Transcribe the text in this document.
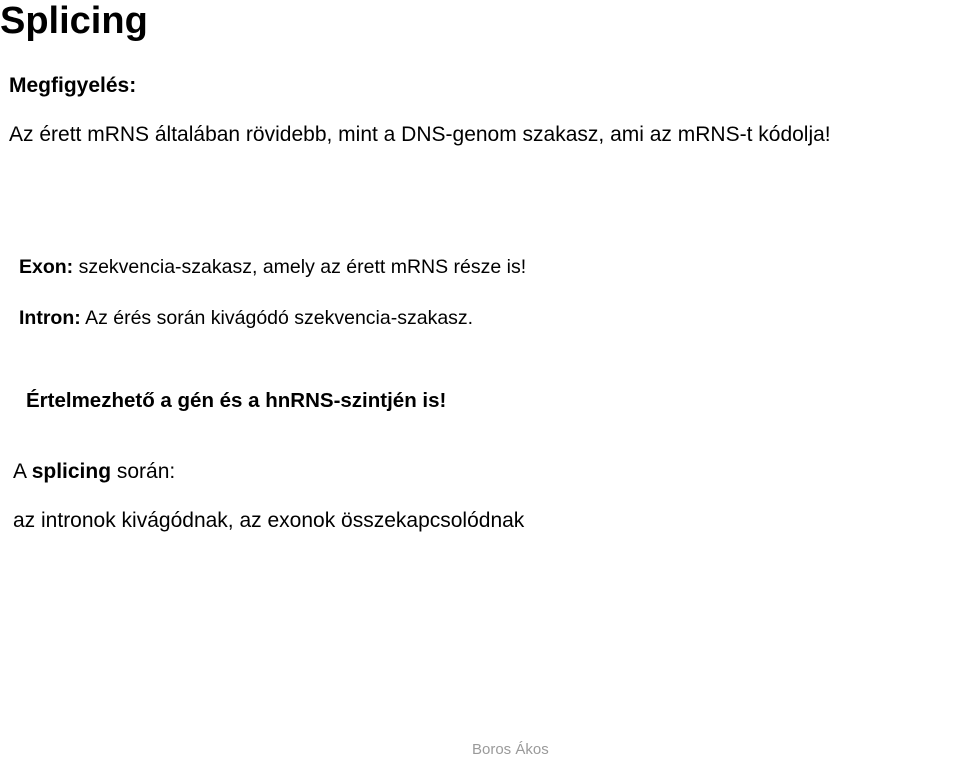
Splicing
Megfigyelés:
Az érett mRNS általában rövidebb, mint a DNS-genom szakasz, ami az mRNS-t kódolja!
Exon: szekvencia-szakasz, amely az érett mRNS része is!
Intron: Az érés során kivágódó szekvencia-szakasz.
Értelmezhető a gén és a hnRNS-szintjén is!
A splicing során:
az intronok kivágódnak, az exonok összekapcsolódnak
Boros Ákos
